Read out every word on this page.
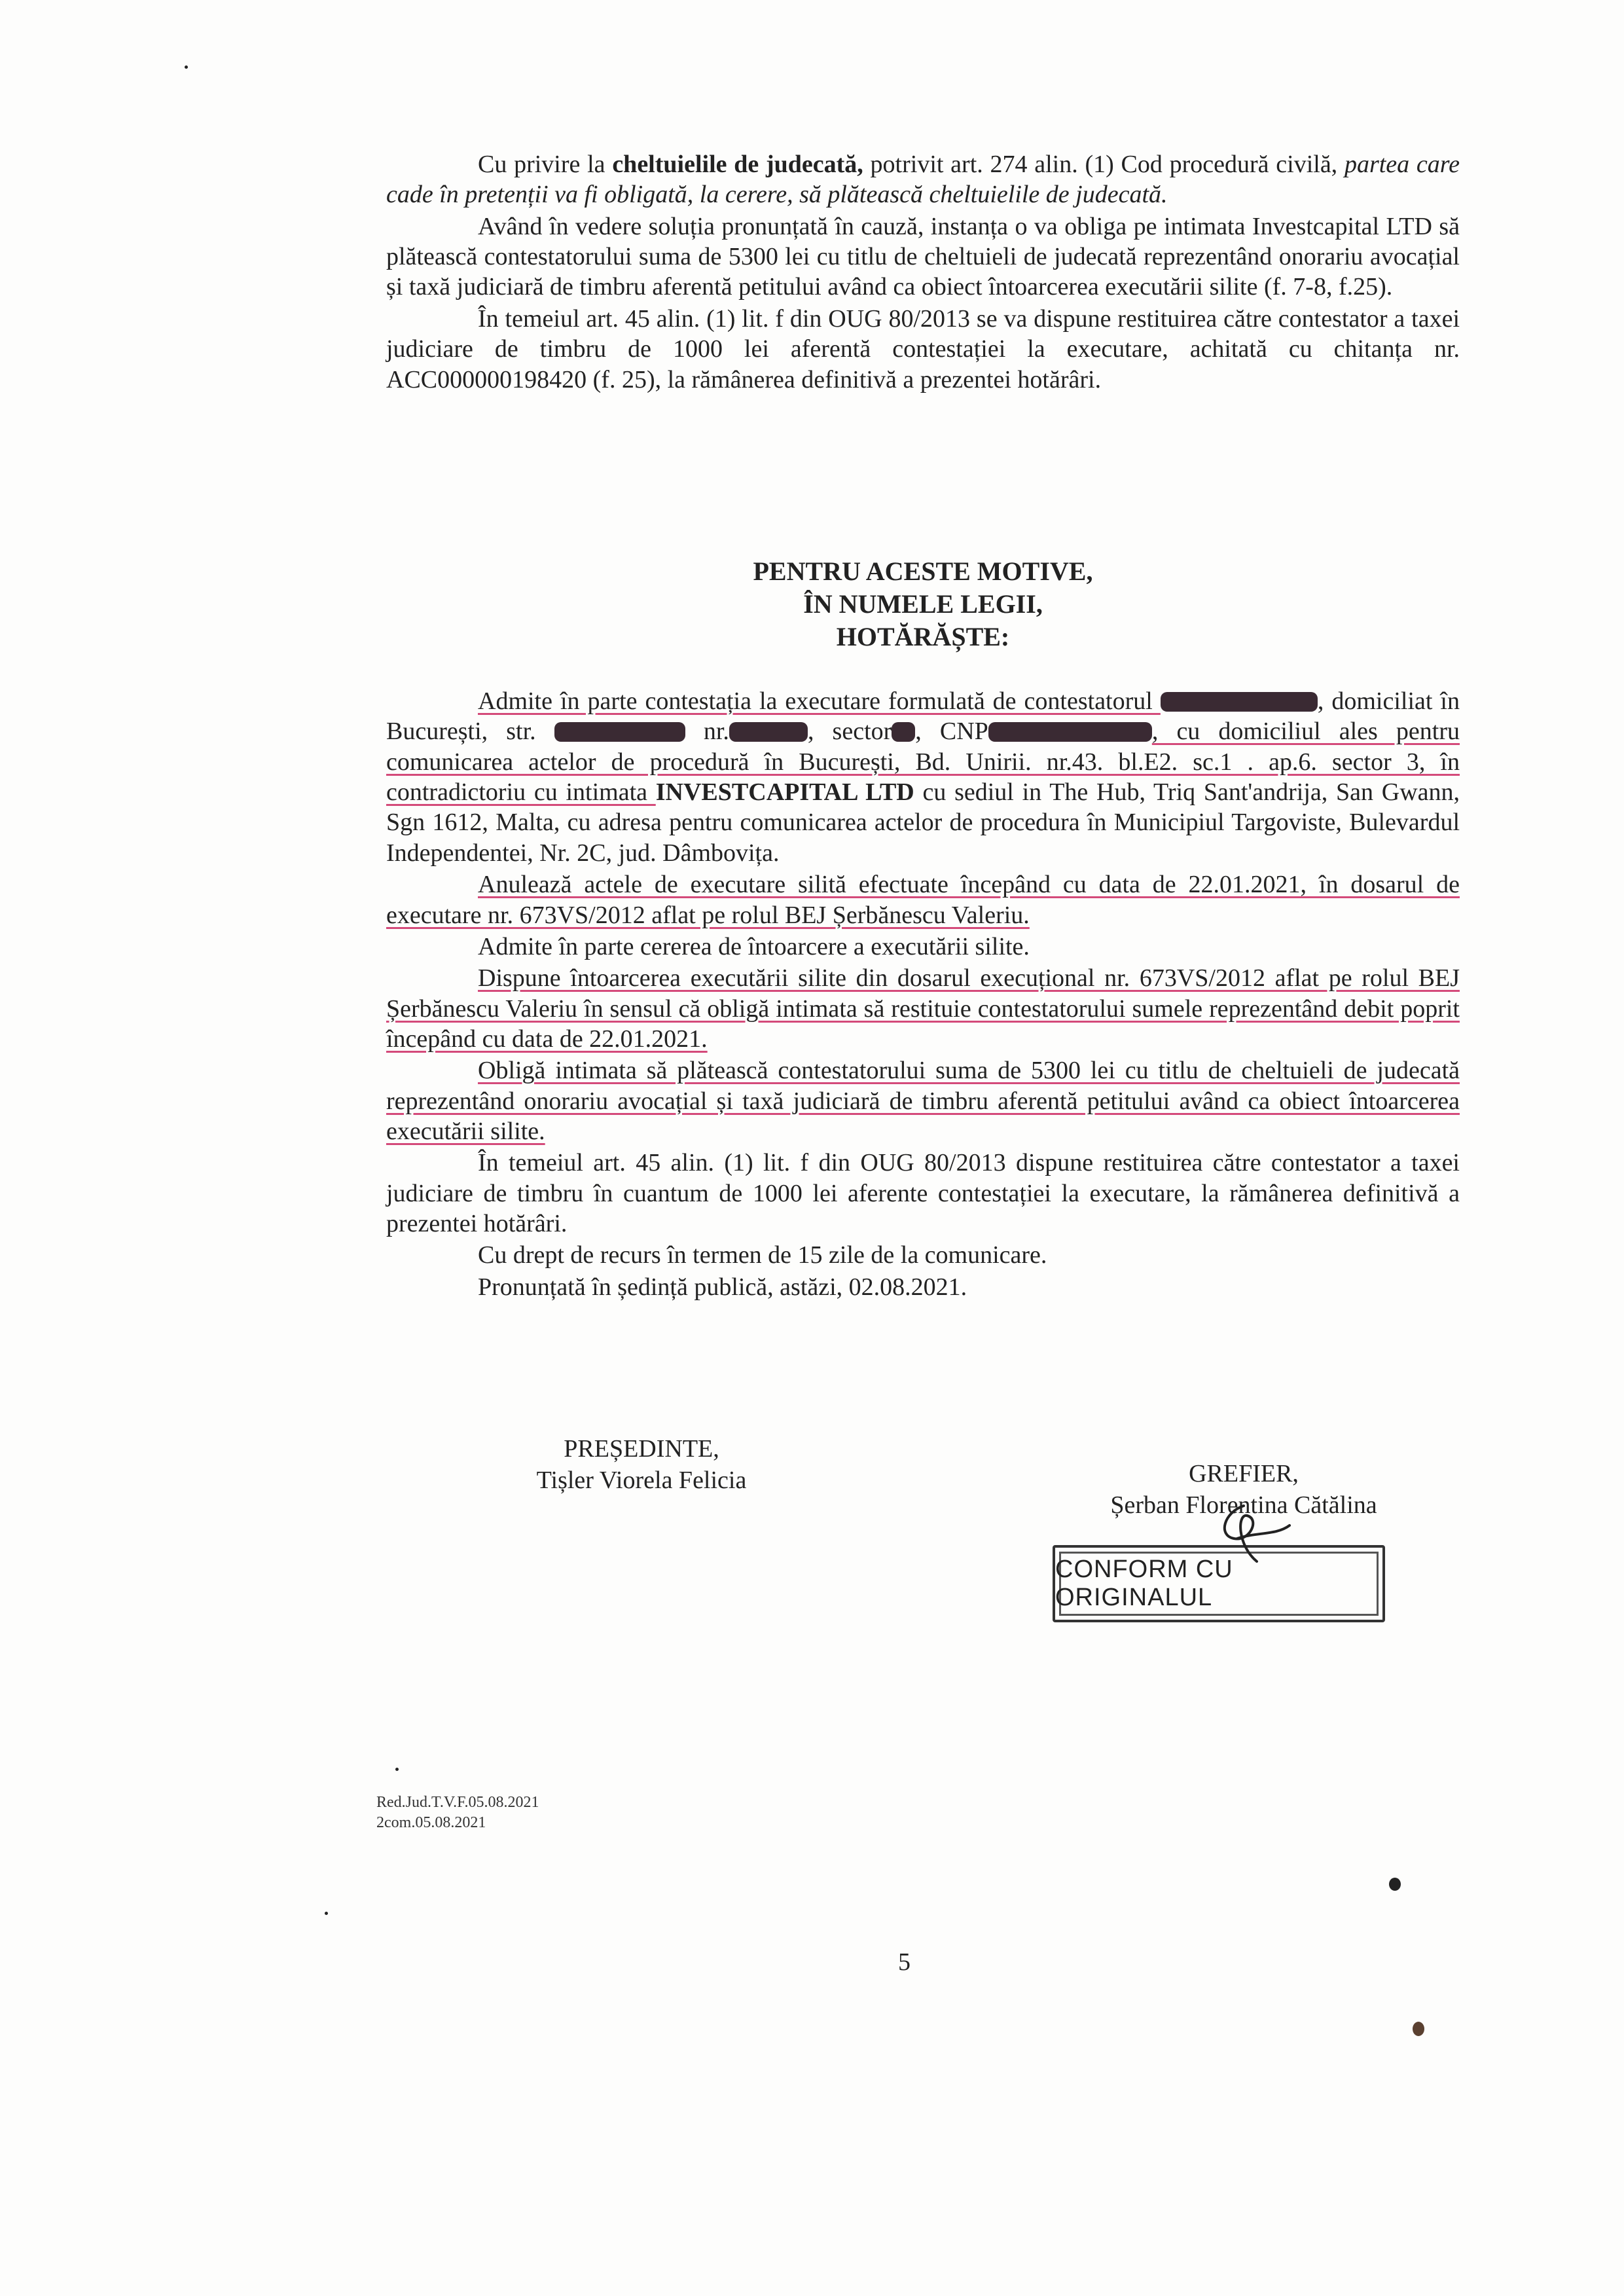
Cu privire la cheltuielile de judecată, potrivit art. 274 alin. (1) Cod procedură civilă, partea care cade în pretenții va fi obligată, la cerere, să plătească cheltuielile de judecată.

Având în vedere soluția pronunțată în cauză, instanța o va obliga pe intimata Investcapital LTD să plătească contestatorului suma de 5300 lei cu titlu de cheltuieli de judecată reprezentând onorariu avocațial și taxă judiciară de timbru aferentă petitului având ca obiect întoarcerea executării silite (f. 7-8, f.25).

În temeiul art. 45 alin. (1) lit. f din OUG 80/2013 se va dispune restituirea către contestator a taxei judiciare de timbru de 1000 lei aferentă contestației la executare, achitată cu chitanța nr. ACC000000198420 (f. 25), la rămânerea definitivă a prezentei hotărâri.

PENTRU ACESTE MOTIVE,
ÎN NUMELE LEGII,
HOTĂRĂȘTE:

Admite în parte contestația la executare formulată de contestatorul	, domiciliat în București, str.	nr.	, sector , CNP	, cu domiciliul ales pentru comunicarea actelor de procedură în București, Bd. Unirii. nr.43. bl.E2. sc.1 . ap.6. sector 3, în contradictoriu cu intimata INVESTCAPITAL LTD cu sediul in The Hub, Triq Sant'andrija, San Gwann, Sgn 1612, Malta, cu adresa pentru comunicarea actelor de procedura în Municipiul Targoviste, Bulevardul Independentei, Nr. 2C, jud. Dâmbovița.

Anulează actele de executare silită efectuate începând cu data de 22.01.2021, în dosarul de executare nr. 673VS/2012 aflat pe rolul BEJ Șerbănescu Valeriu.

Admite în parte cererea de întoarcere a executării silite.

Dispune întoarcerea executării silite din dosarul execuțional nr. 673VS/2012 aflat pe rolul BEJ Șerbănescu Valeriu în sensul că obligă intimata să restituie contestatorului sumele reprezentând debit poprit începând cu data de 22.01.2021.

Obligă intimata să plătească contestatorului suma de 5300 lei cu titlu de cheltuieli de judecată reprezentând onorariu avocațial și taxă judiciară de timbru aferentă petitului având ca obiect întoarcerea executării silite.

În temeiul art. 45 alin. (1) lit. f din OUG 80/2013 dispune restituirea către contestator a taxei judiciare de timbru în cuantum de 1000 lei aferente contestației la executare, la rămânerea definitivă a prezentei hotărâri.

Cu drept de recurs în termen de 15 zile de la comunicare.

Pronunțată în ședință publică, astăzi, 02.08.2021.

PREȘEDINTE,
Tișler Viorela Felicia	GREFIER,
Șerban Florentina Cătălina
CONFORM CU ORIGINALUL
Red.Jud.T.V.F.05.08.2021
2com.05.08.2021
5
